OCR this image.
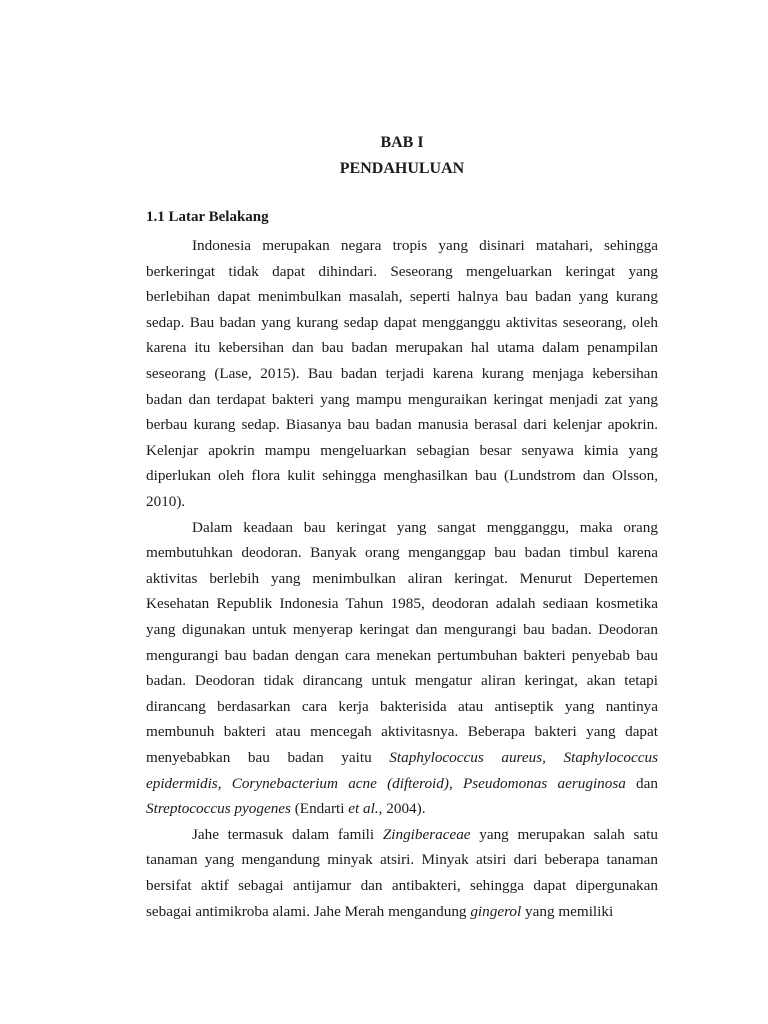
BAB I
PENDAHULUAN
1.1 Latar Belakang
Indonesia merupakan negara tropis yang disinari matahari, sehingga
berkeringat tidak dapat dihindari. Seseorang mengeluarkan keringat yang
berlebihan dapat menimbulkan masalah, seperti halnya bau badan yang kurang
sedap. Bau badan yang kurang sedap dapat mengganggu aktivitas seseorang, oleh
karena itu kebersihan dan bau badan merupakan hal utama dalam penampilan
seseorang (Lase, 2015). Bau badan terjadi karena kurang menjaga kebersihan
badan dan terdapat bakteri yang mampu menguraikan keringat menjadi zat yang
berbau kurang sedap. Biasanya bau badan manusia berasal dari kelenjar apokrin.
Kelenjar apokrin mampu mengeluarkan sebagian besar senyawa kimia yang
diperlukan oleh flora kulit sehingga menghasilkan bau (Lundstrom dan Olsson,
2010).
Dalam keadaan bau keringat yang sangat mengganggu, maka orang
membutuhkan deodoran. Banyak orang menganggap bau badan timbul karena
aktivitas berlebih yang menimbulkan aliran keringat. Menurut Depertemen
Kesehatan Republik Indonesia Tahun 1985, deodoran adalah sediaan kosmetika
yang digunakan untuk menyerap keringat dan mengurangi bau badan. Deodoran
mengurangi bau badan dengan cara menekan pertumbuhan bakteri penyebab bau
badan. Deodoran tidak dirancang untuk mengatur aliran keringat, akan tetapi
dirancang berdasarkan cara kerja bakterisida atau antiseptik yang nantinya
membunuh bakteri atau mencegah aktivitasnya. Beberapa bakteri yang dapat
menyebabkan bau badan yaitu Staphylococcus aureus, Staphylococcus
epidermidis, Corynebacterium acne (difteroid), Pseudomonas aeruginosa dan
Streptococcus pyogenes (Endarti et al., 2004).
Jahe termasuk dalam famili Zingiberaceae yang merupakan salah satu
tanaman yang mengandung minyak atsiri. Minyak atsiri dari beberapa tanaman
bersifat aktif sebagai antijamur dan antibakteri, sehingga dapat dipergunakan
sebagai antimikroba alami. Jahe Merah mengandung gingerol yang memiliki
